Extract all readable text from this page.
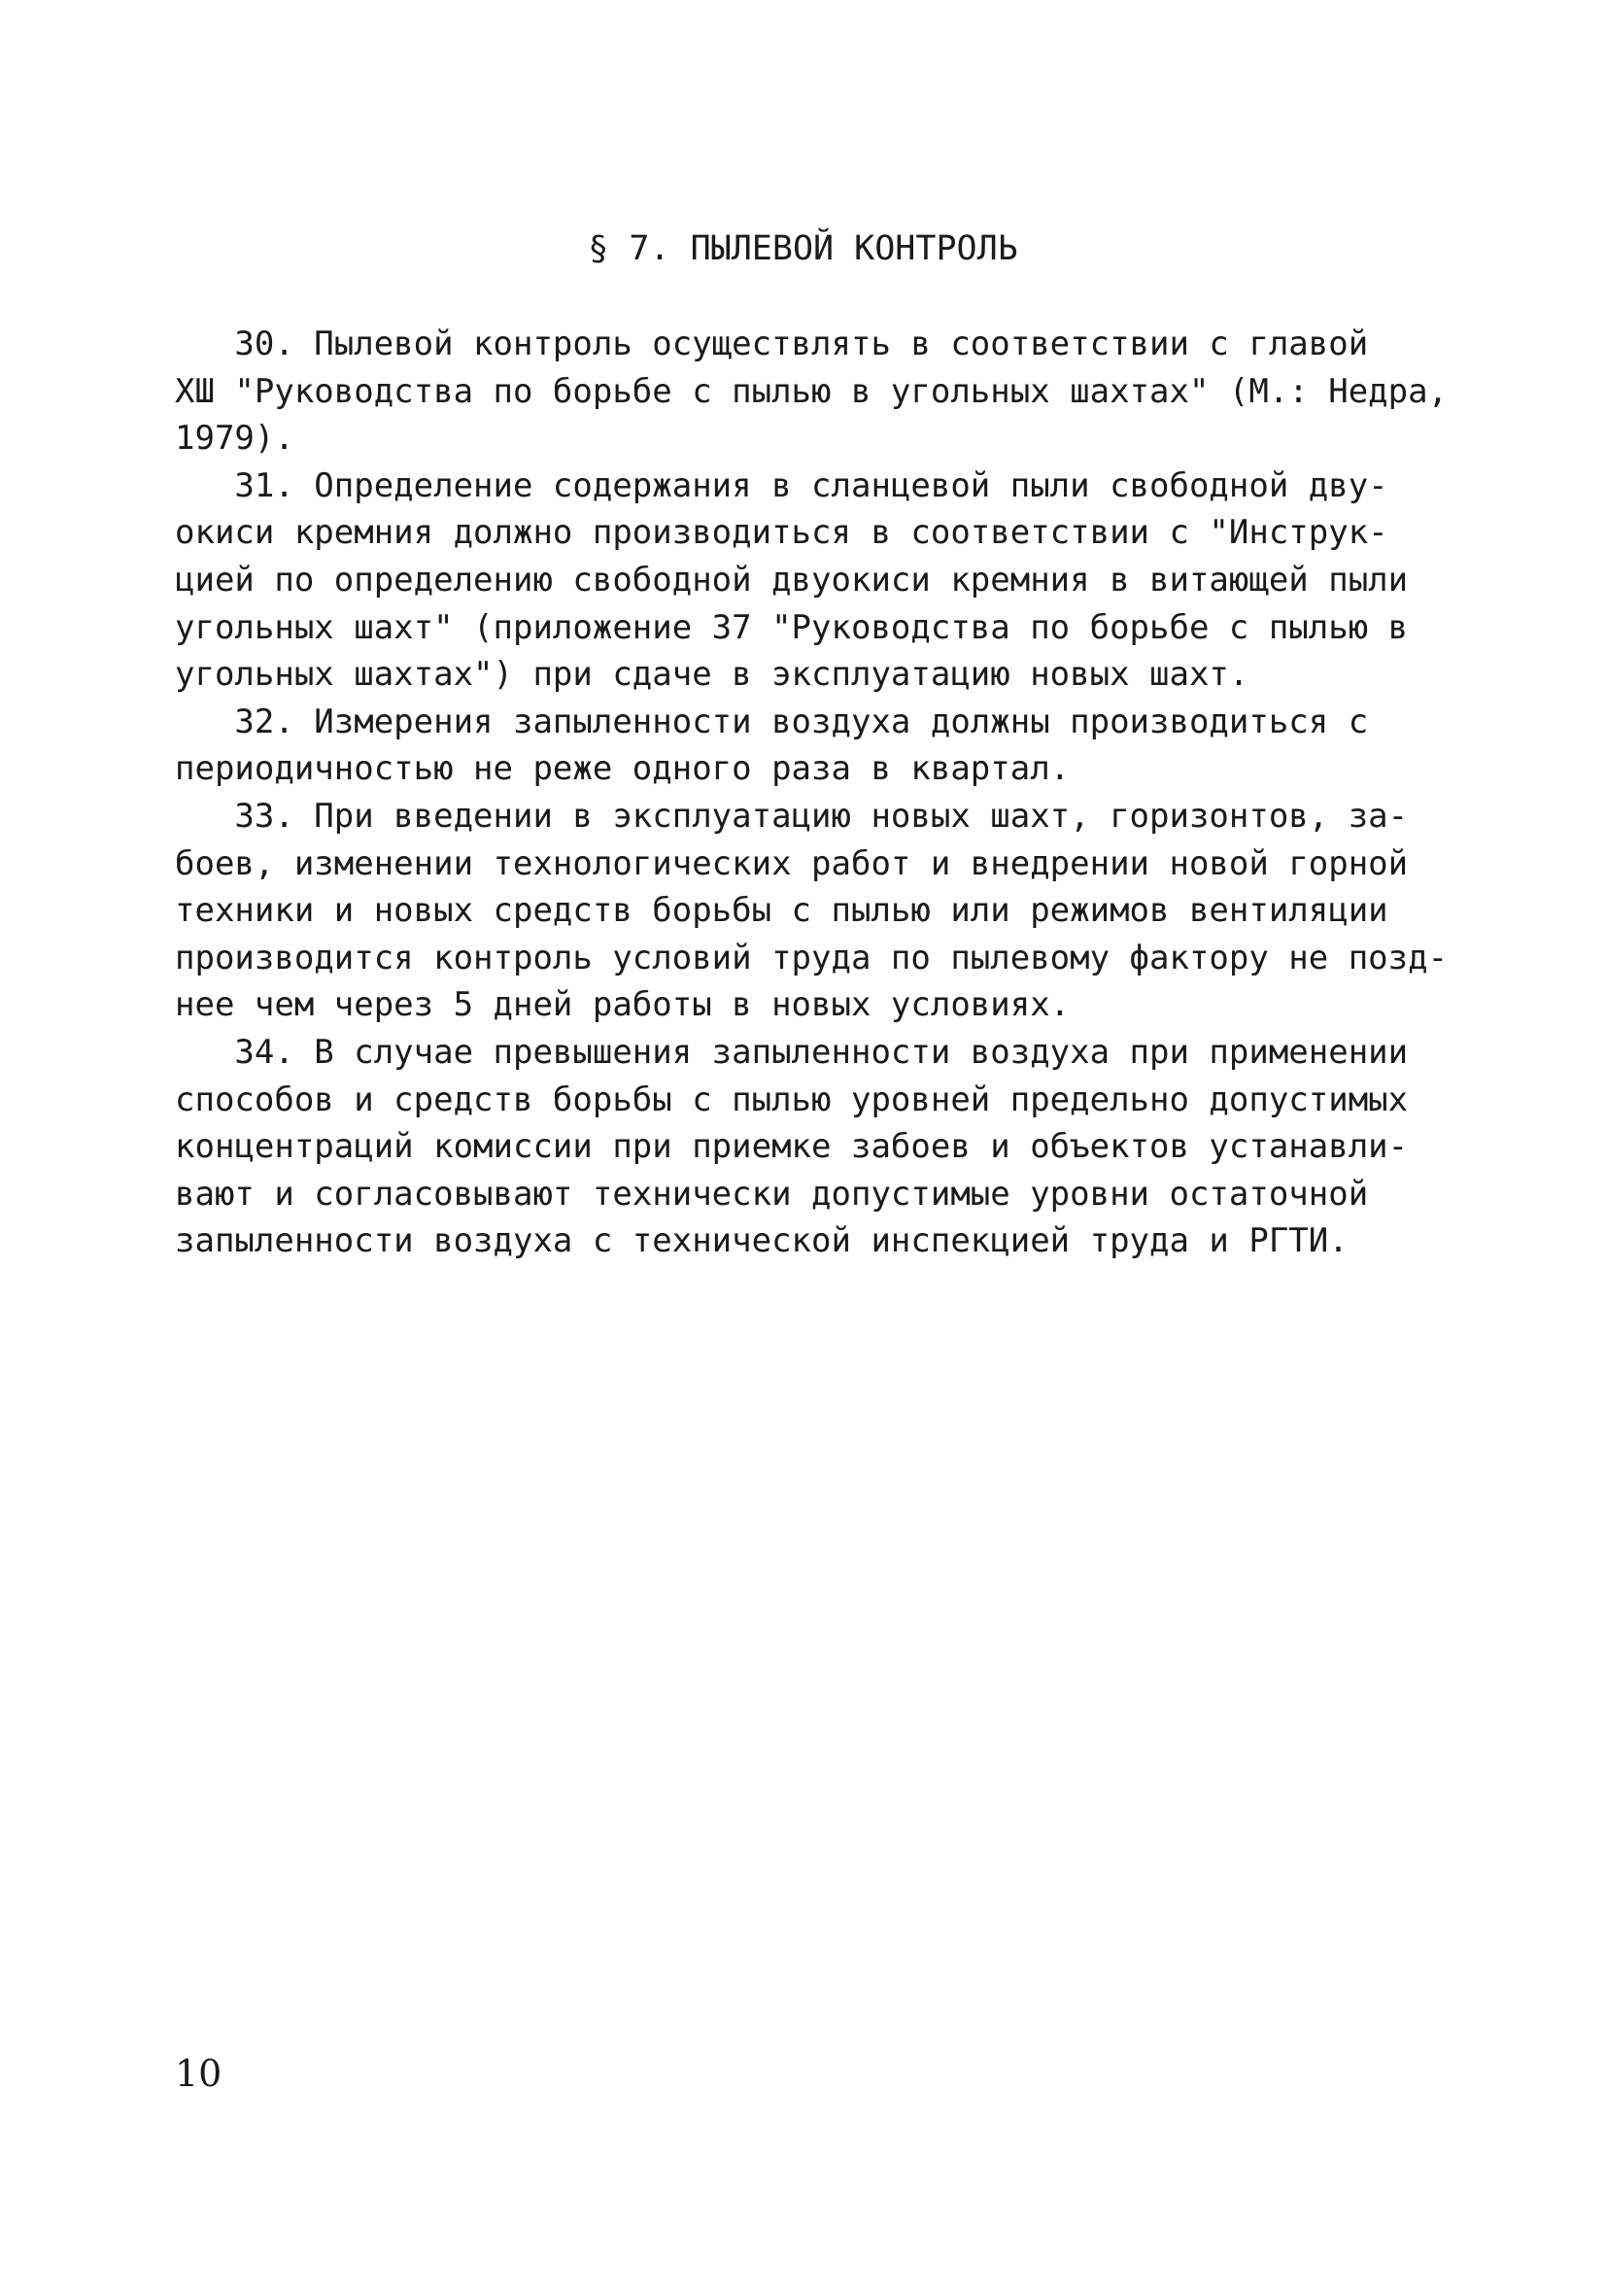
§ 7. ПЫЛЕВОЙ КОНТРОЛЬ
30. Пылевой контроль осуществлять в соответствии с главой
ХШ "Руководства по борьбе с пылью в угольных шахтах" (М.: Недра,
1979).
31. Определение содержания в сланцевой пыли свободной дву-
окиси кремния должно производиться в соответствии с "Инструк-
цией по определению свободной двуокиси кремния в витающей пыли
угольных шахт" (приложение 37 "Руководства по борьбе с пылью в
угольных шахтах") при сдаче в эксплуатацию новых шахт.
32. Измерения запыленности воздуха должны производиться с
периодичностью не реже одного раза в квартал.
33. При введении в эксплуатацию новых шахт, горизонтов, за-
боев, изменении технологических работ и внедрении новой горной
техники и новых средств борьбы с пылью или режимов вентиляции
производится контроль условий труда по пылевому фактору не позд-
нее чем через 5 дней работы в новых условиях.
34. В случае превышения запыленности воздуха при применении
способов и средств борьбы с пылью уровней предельно допустимых
концентраций комиссии при приемке забоев и объектов устанавли-
вают и согласовывают технически допустимые уровни остаточной
запыленности воздуха с технической инспекцией труда и РГТИ.
10
